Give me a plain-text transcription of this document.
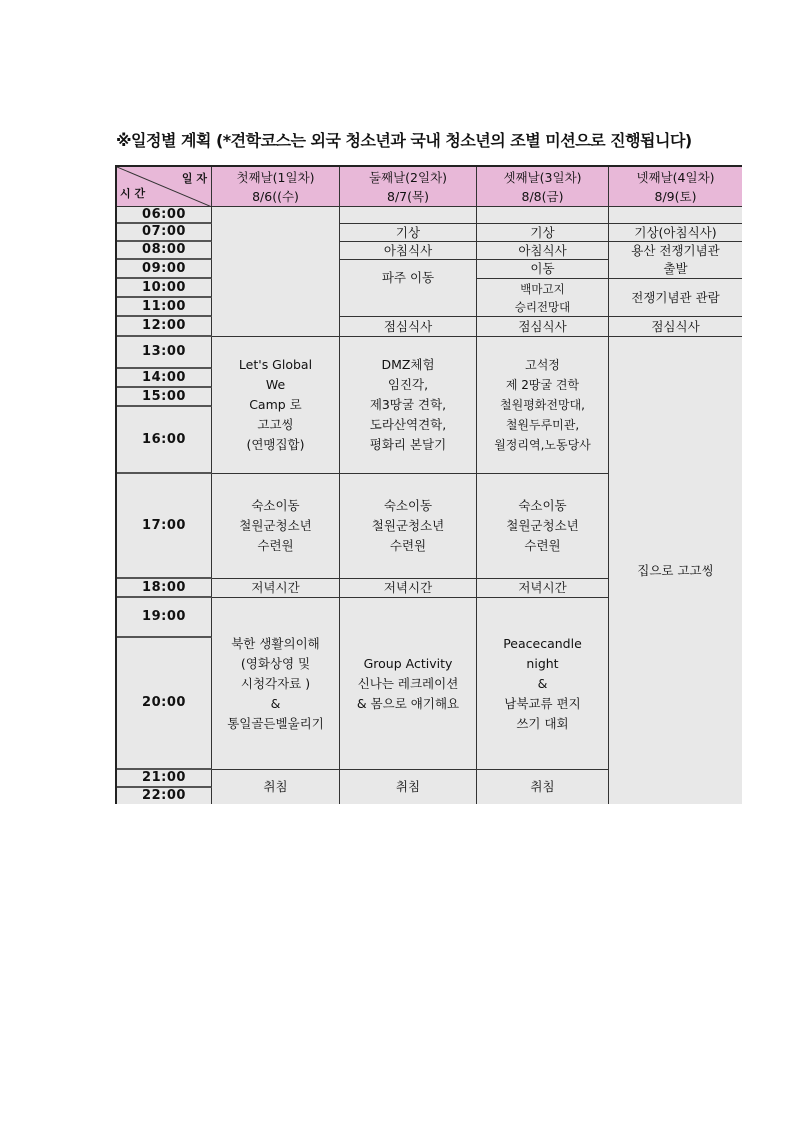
※일정별 계획 (*견학코스는 외국 청소년과 국내 청소년의 조별 미션으로 진행됩니다)
일 자
시 간
첫째날(1일차)
8/6((수)
둘째날(2일차)
8/7(목)
셋째날(3일차)
8/8(금)
넷째날(4일차)
8/9(토)
06:00
07:00
08:00
09:00
10:00
11:00
12:00
13:00
14:00
15:00
16:00
17:00
18:00
19:00
20:00
21:00
22:00
Let's Global
We
Camp 로
고고씽
(연맹집합)
숙소이동
철원군청소년
수련원
저녁시간
북한 생활의이해
(영화상영 및
시청각자료 )
&
통일골든벨울리기
취침
기상
아침식사
파주 이동
점심식사
DMZ체험
임진각,
제3땅굴 견학,
도라산역견학,
평화리 본달기
숙소이동
철원군청소년
수련원
저녁시간
Group Activity
신나는 레크레이션
& 몸으로 얘기해요
취침
기상
아침식사
이동
백마고지
승리전망대
점심식사
고석정
제 2땅굴 견학
철원평화전망대,
철원두루미관,
월정리역,노동당사
숙소이동
철원군청소년
수련원
저녁시간
Peacecandle
night
&
남북교류 편지
쓰기 대회
취침
기상(아침식사)
용산 전쟁기념관
출발
전쟁기념관 관람
점심식사
집으로 고고씽
